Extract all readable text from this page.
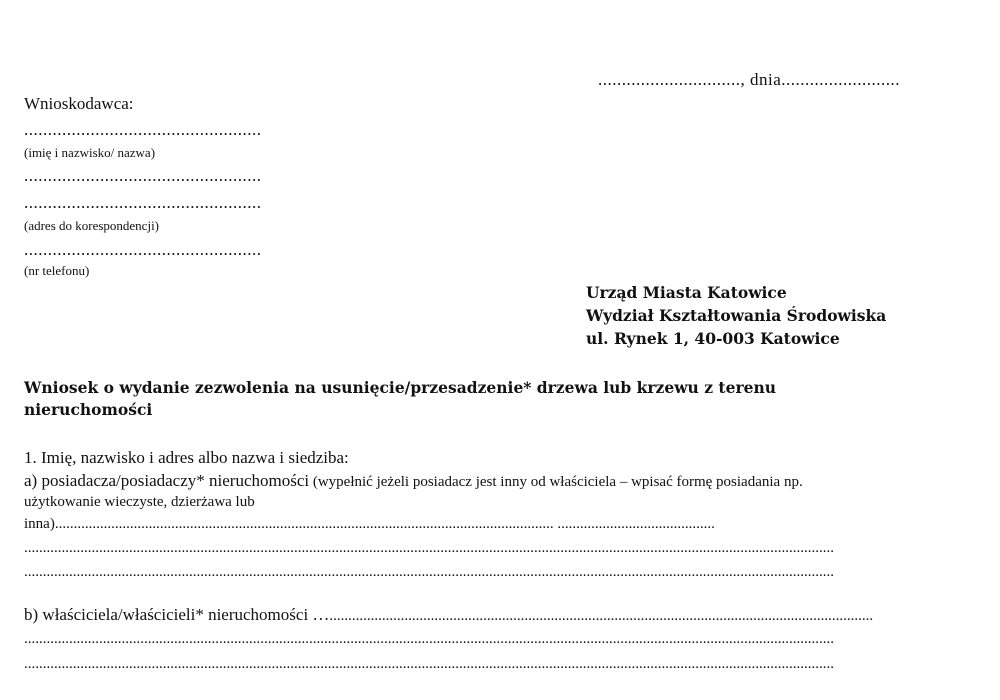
.............................., dnia.........................
Wnioskodawca:
..................................................
(imię i nazwisko/ nazwa)
..................................................
..................................................
(adres do korespondencji)
..................................................
(nr telefonu)
Urząd Miasta Katowice
Wydział Kształtowania Środowiska
ul. Rynek 1, 40-003 Katowice
Wniosek o wydanie zezwolenia na usunięcie/przesadzenie* drzewa lub krzewu z terenu
nieruchomości
1. Imię, nazwisko i adres albo nazwa i siedziba:
a) posiadacza/posiadaczy* nieruchomości (wypełnić jeżeli posiadacz jest inny od właściciela – wpisać formę posiadania np.
użytkowanie wieczyste, dzierżawa lub
inna)..................................................................................................................................... ..........................................
........................................................................................................................................................................................................................
........................................................................................................................................................................................................................
b) właściciela/właścicieli* nieruchomości ….................................................................................................................................................
........................................................................................................................................................................................................................
........................................................................................................................................................................................................................
